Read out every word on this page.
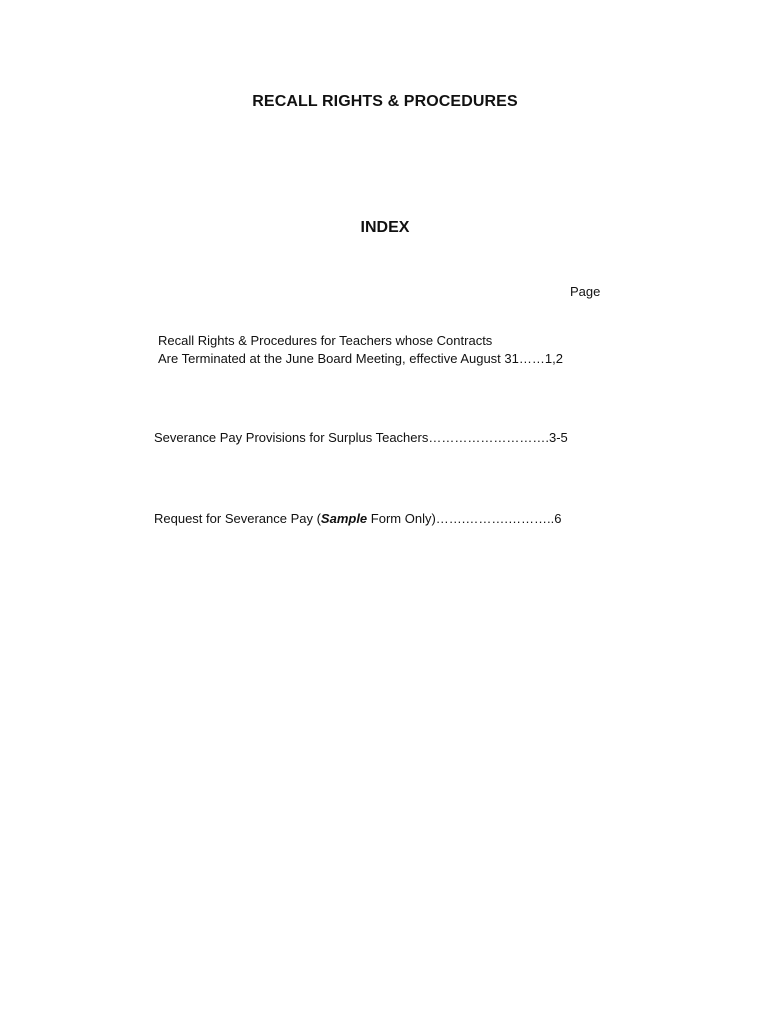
RECALL RIGHTS & PROCEDURES
INDEX
Page
Recall Rights & Procedures for Teachers whose Contracts
Are Terminated at the June Board Meeting, effective August 31……1,2
Severance Pay Provisions for Surplus Teachers……………………….3-5
Request for Severance Pay (Sample Form Only)…….……….………..6
